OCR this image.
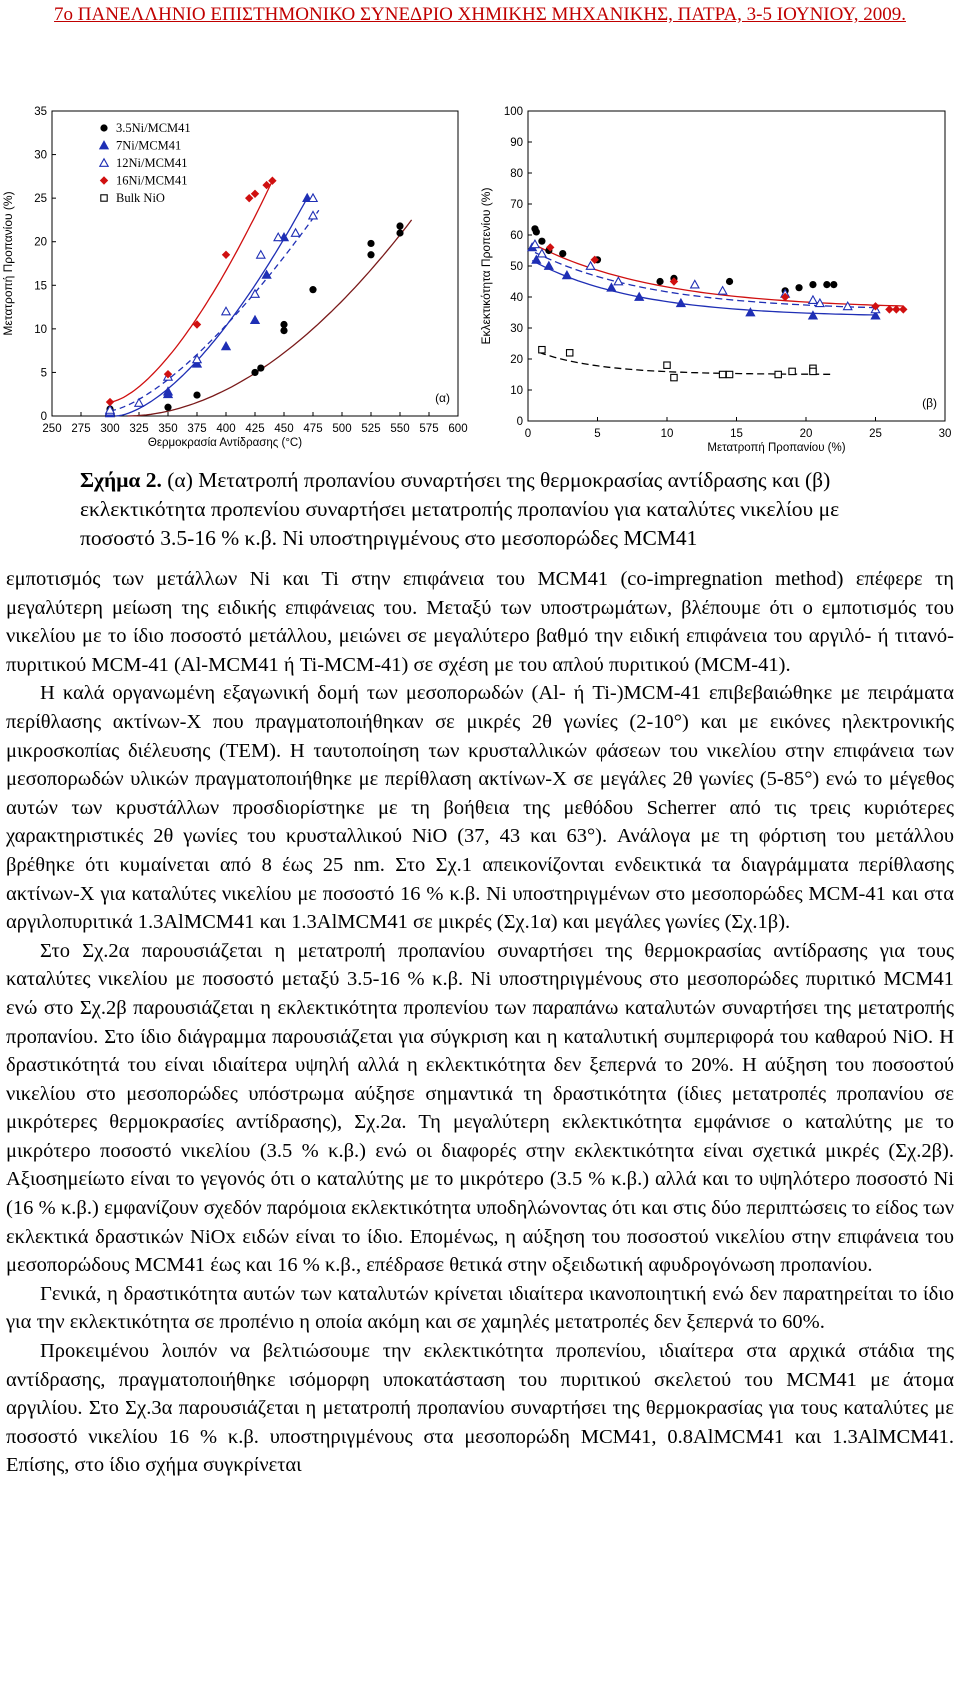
7ο ΠΑΝΕΛΛΗΝΙΟ ΕΠΙΣΤΗΜΟΝΙΚΟ ΣΥΝΕΔΡΙΟ ΧΗΜΙΚΗΣ ΜΗΧΑΝΙΚΗΣ, ΠΑΤΡΑ, 3-5 ΙΟΥΝΙΟΥ, 2009.
0
5
10
15
20
25
30
35
250 275 300 325 350 375 400 425 450 475 500 525 550 575 600
Θερμοκρασία Αντίδρασης (°C)
Μετατροπή Προπανίου (%)
(α)
3.5Ni/MCM41
7Ni/MCM41
12Ni/MCM41
16Ni/MCM41
Bulk NiO
0
10
20
30
40
50
60
70
80
90
100
0	5	10	15	20	25	30
Μετατροπή Προπανίου (%)
Εκλεκτικότητα Προπενίου (%)
(β)
Σχήμα 2. (α) Μετατροπή προπανίου συναρτήσει της θερμοκρασίας αντίδρασης και (β) εκλεκτικότητα προπενίου συναρτήσει μετατροπής προπανίου για καταλύτες νικελίου με ποσοστό 3.5-16 % κ.β. Ni υποστηριγμένους στο μεσοπορώδες MCM41

εμποτισμός των μετάλλων Ni και Ti στην επιφάνεια του MCM41 (co-impregnation method) επέφερε τη μεγαλύτερη μείωση της ειδικής επιφάνειας του. Μεταξύ των υποστρωμάτων, βλέπουμε ότι ο εμποτισμός του νικελίου με το ίδιο ποσοστό μετάλλου, μειώνει σε μεγαλύτερο βαθμό την ειδική επιφάνεια του αργιλό- ή τιτανό-πυριτικού MCM-41 (Al-MCM41 ή Ti-MCM-41) σε σχέση με του απλού πυριτικού (MCM-41).

Η καλά οργανωμένη εξαγωνική δομή των μεσοπορωδών (Al- ή Ti-)MCM-41 επιβεβαιώθηκε με πειράματα περίθλασης ακτίνων-Χ που πραγματοποιήθηκαν σε μικρές 2θ γωνίες (2-10°) και με εικόνες ηλεκτρονικής μικροσκοπίας διέλευσης (TEM). Η ταυτοποίηση των κρυσταλλικών φάσεων του νικελίου στην επιφάνεια των μεσοπορωδών υλικών πραγματοποιήθηκε με περίθλαση ακτίνων-Χ σε μεγάλες 2θ γωνίες (5-85°) ενώ το μέγεθος αυτών των κρυστάλλων προσδιορίστηκε με τη βοήθεια της μεθόδου Scherrer από τις τρεις κυριότερες χαρακτηριστικές 2θ γωνίες του κρυσταλλικού NiO (37, 43 και 63°). Ανάλογα με τη φόρτιση του μετάλλου βρέθηκε ότι κυμαίνεται από 8 έως 25 nm. Στο Σχ.1 απεικονίζονται ενδεικτικά τα διαγράμματα περίθλασης ακτίνων-Χ για καταλύτες νικελίου με ποσοστό 16 % κ.β. Ni υποστηριγμένων στο μεσοπορώδες MCM-41 και στα αργιλοπυριτικά 1.3AlMCM41 και 1.3AlMCM41 σε μικρές (Σχ.1α) και μεγάλες γωνίες (Σχ.1β).

Στο Σχ.2α παρουσιάζεται η μετατροπή προπανίου συναρτήσει της θερμοκρασίας αντίδρασης για τους καταλύτες νικελίου με ποσοστό μεταξύ 3.5-16 % κ.β. Ni υποστηριγμένους στο μεσοπορώδες πυριτικό MCM41 ενώ στο Σχ.2β παρουσιάζεται η εκλεκτικότητα προπενίου των παραπάνω καταλυτών συναρτήσει της μετατροπής προπανίου. Στο ίδιο διάγραμμα παρουσιάζεται για σύγκριση και η καταλυτική συμπεριφορά του καθαρού NiO. Η δραστικότητά του είναι ιδιαίτερα υψηλή αλλά η εκλεκτικότητα δεν ξεπερνά το 20%. Η αύξηση του ποσοστού νικελίου στο μεσοπορώδες υπόστρωμα αύξησε σημαντικά τη δραστικότητα (ίδιες μετατροπές προπανίου σε μικρότερες θερμοκρασίες αντίδρασης), Σχ.2α. Τη μεγαλύτερη εκλεκτικότητα εμφάνισε ο καταλύτης με το μικρότερο ποσοστό νικελίου (3.5 % κ.β.) ενώ οι διαφορές στην εκλεκτικότητα είναι σχετικά μικρές (Σχ.2β). Αξιοσημείωτο είναι το γεγονός ότι ο καταλύτης με το μικρότερο (3.5 % κ.β.) αλλά και το υψηλότερο ποσοστό Ni (16 % κ.β.) εμφανίζουν σχεδόν παρόμοια εκλεκτικότητα υποδηλώνοντας ότι και στις δύο περιπτώσεις το είδος των εκλεκτικά δραστικών NiOx ειδών είναι το ίδιο. Επομένως, η αύξηση του ποσοστού νικελίου στην επιφάνεια του μεσοπορώδους MCM41 έως και 16 % κ.β., επέδρασε θετικά στην οξειδωτική αφυδρογόνωση προπανίου.

Γενικά, η δραστικότητα αυτών των καταλυτών κρίνεται ιδιαίτερα ικανοποιητική ενώ δεν παρατηρείται το ίδιο για την εκλεκτικότητα σε προπένιο η οποία ακόμη και σε χαμηλές μετατροπές δεν ξεπερνά το 60%.

Προκειμένου λοιπόν να βελτιώσουμε την εκλεκτικότητα προπενίου, ιδιαίτερα στα αρχικά στάδια της αντίδρασης, πραγματοποιήθηκε ισόμορφη υποκατάσταση του πυριτικού σκελετού του MCM41 με άτομα αργιλίου. Στο Σχ.3α παρουσιάζεται η μετατροπή προπανίου συναρτήσει της θερμοκρασίας για τους καταλύτες με ποσοστό νικελίου 16 % κ.β. υποστηριγμένους στα μεσοπορώδη MCM41, 0.8AlMCM41 και 1.3AlMCM41. Επίσης, στο ίδιο σχήμα συγκρίνεται
